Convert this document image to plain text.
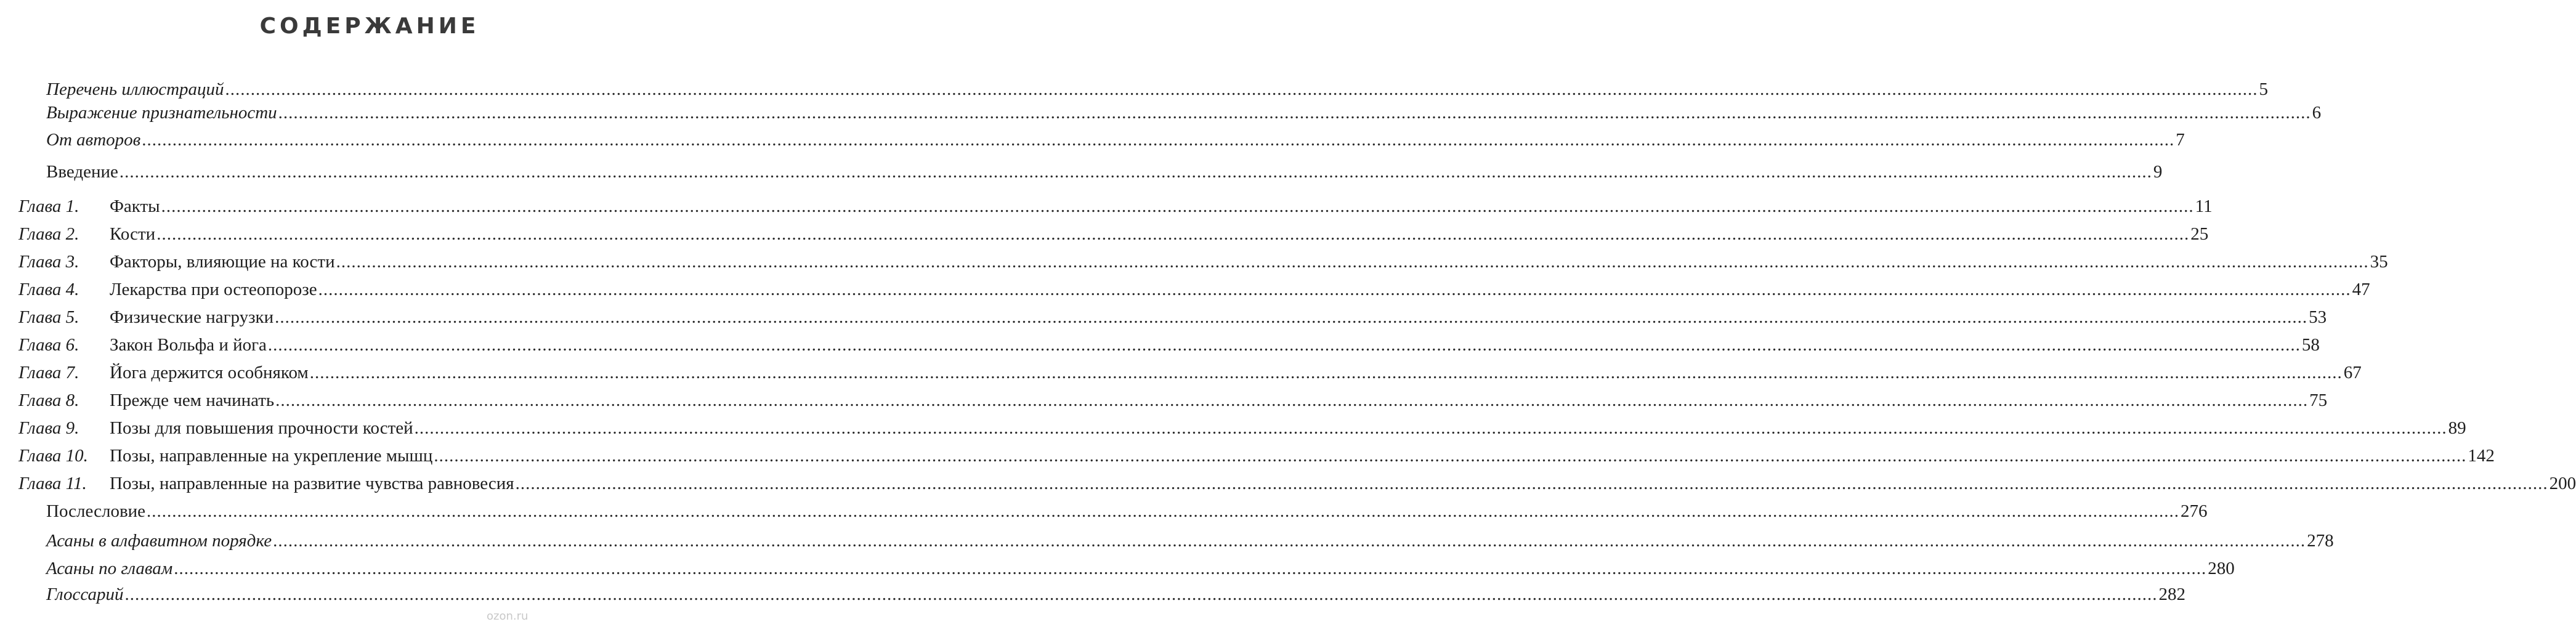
СОДЕРЖАНИЕ
Перечень иллюстраций ................................................................................................................................................................................................................................................................................................................................................................................................................ 5
Выражение признательности ................................................................................................................................................................................................................................................................................................................................................................................................................ 6
От авторов ................................................................................................................................................................................................................................................................................................................................................................................................................ 7
Введение ................................................................................................................................................................................................................................................................................................................................................................................................................ 9
Глава 1. Факты ................................................................................................................................................................................................................................................................................................................................................................................................................ 11
Глава 2. Кости ................................................................................................................................................................................................................................................................................................................................................................................................................ 25
Глава 3. Факторы, влияющие на кости ................................................................................................................................................................................................................................................................................................................................................................................................................ 35
Глава 4. Лекарства при остеопорозе ................................................................................................................................................................................................................................................................................................................................................................................................................ 47
Глава 5. Физические нагрузки ................................................................................................................................................................................................................................................................................................................................................................................................................ 53
Глава 6. Закон Вольфа и йога ................................................................................................................................................................................................................................................................................................................................................................................................................ 58
Глава 7. Йога держится особняком ................................................................................................................................................................................................................................................................................................................................................................................................................ 67
Глава 8. Прежде чем начинать ................................................................................................................................................................................................................................................................................................................................................................................................................ 75
Глава 9. Позы для повышения прочности костей ................................................................................................................................................................................................................................................................................................................................................................................................................ 89
Глава 10. Позы, направленные на укрепление мышц ................................................................................................................................................................................................................................................................................................................................................................................................................ 142
Глава 11. Позы, направленные на развитие чувства равновесия ................................................................................................................................................................................................................................................................................................................................................................................................................ 200
Послесловие ................................................................................................................................................................................................................................................................................................................................................................................................................ 276
Асаны в алфавитном порядке ................................................................................................................................................................................................................................................................................................................................................................................................................ 278
Асаны по главам ................................................................................................................................................................................................................................................................................................................................................................................................................ 280
Глоссарий ................................................................................................................................................................................................................................................................................................................................................................................................................ 282
ozon.ru
